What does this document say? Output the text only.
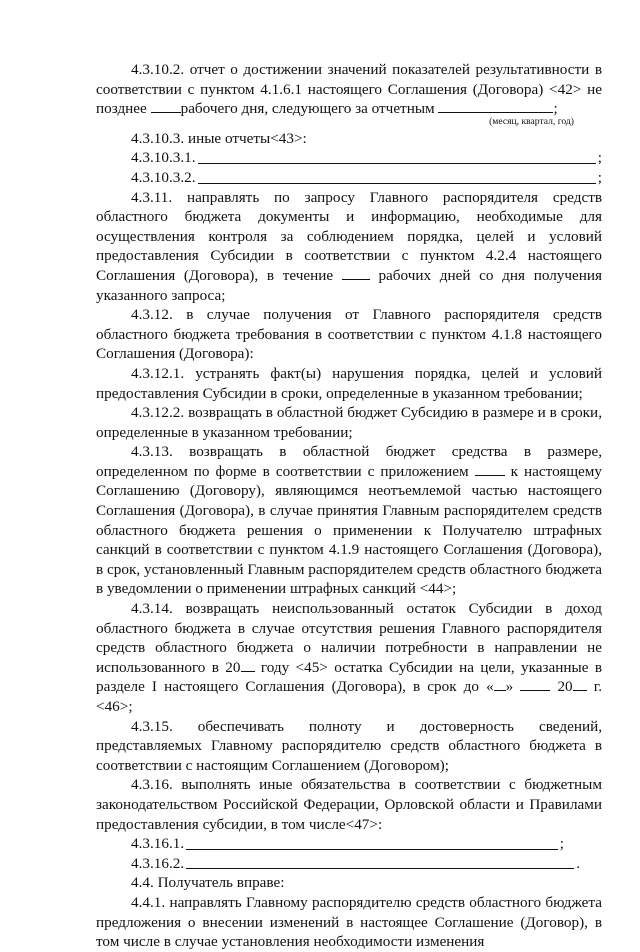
4.3.10.2. отчет о достижении значений показателей результативности в соответствии с пунктом 4.1.6.1 настоящего Соглашения (Договора) <42> не позднее рабочего дня, следующего за отчетным	;

(месяц, квартал, год)

4.3.10.3. иные отчеты<43>:

4.3.10.3.1.	;
4.3.10.3.2.	;

4.3.11. направлять по запросу Главного распорядителя средств областного бюджета документы и информацию, необходимые для осуществления контроля за соблюдением порядка, целей и условий предоставления Субсидии в соответствии с пунктом 4.2.4 настоящего Соглашения (Договора), в течение  рабочих дней со дня получения указанного запроса;

4.3.12. в случае получения от Главного распорядителя средств областного бюджета требования в соответствии с пунктом 4.1.8 настоящего Соглашения (Договора):

4.3.12.1. устранять факт(ы) нарушения порядка, целей и условий предоставления Субсидии в сроки, определенные в указанном требовании;

4.3.12.2. возвращать в областной бюджет Субсидию в размере и в сроки, определенные в указанном требовании;

4.3.13. возвращать в областной бюджет средства в размере, определенном по форме в соответствии с приложением  к настоящему Соглашению (Договору), являющимся неотъемлемой частью настоящего Соглашения (Договора), в случае принятия Главным распорядителем средств областного бюджета решения о применении к Получателю штрафных санкций в соответствии с пунктом 4.1.9 настоящего Соглашения (Договора), в срок, установленный Главным распорядителем средств областного бюджета в уведомлении о применении штрафных санкций <44>;

4.3.14. возвращать неиспользованный остаток Субсидии в доход областного бюджета в случае отсутствия решения Главного распорядителя средств областного бюджета о наличии потребности в направлении не использованного в 20 году <45> остатка Субсидии на цели, указанные в разделе I настоящего Соглашения (Договора), в срок до « »  20 г. <46>;

4.3.15. обеспечивать полноту и достоверность сведений, представляемых Главному распорядителю средств областного бюджета в соответствии с настоящим Соглашением (Договором);

4.3.16. выполнять иные обязательства в соответствии с бюджетным законодательством Российской Федерации, Орловской области и Правилами предоставления субсидии, в том числе<47>:

4.3.16.1.	;
4.3.16.2.	.

4.4. Получатель вправе:

4.4.1. направлять Главному распорядителю средств областного бюджета предложения о внесении изменений в настоящее Соглашение (Договор), в том числе в случае установления необходимости изменения
